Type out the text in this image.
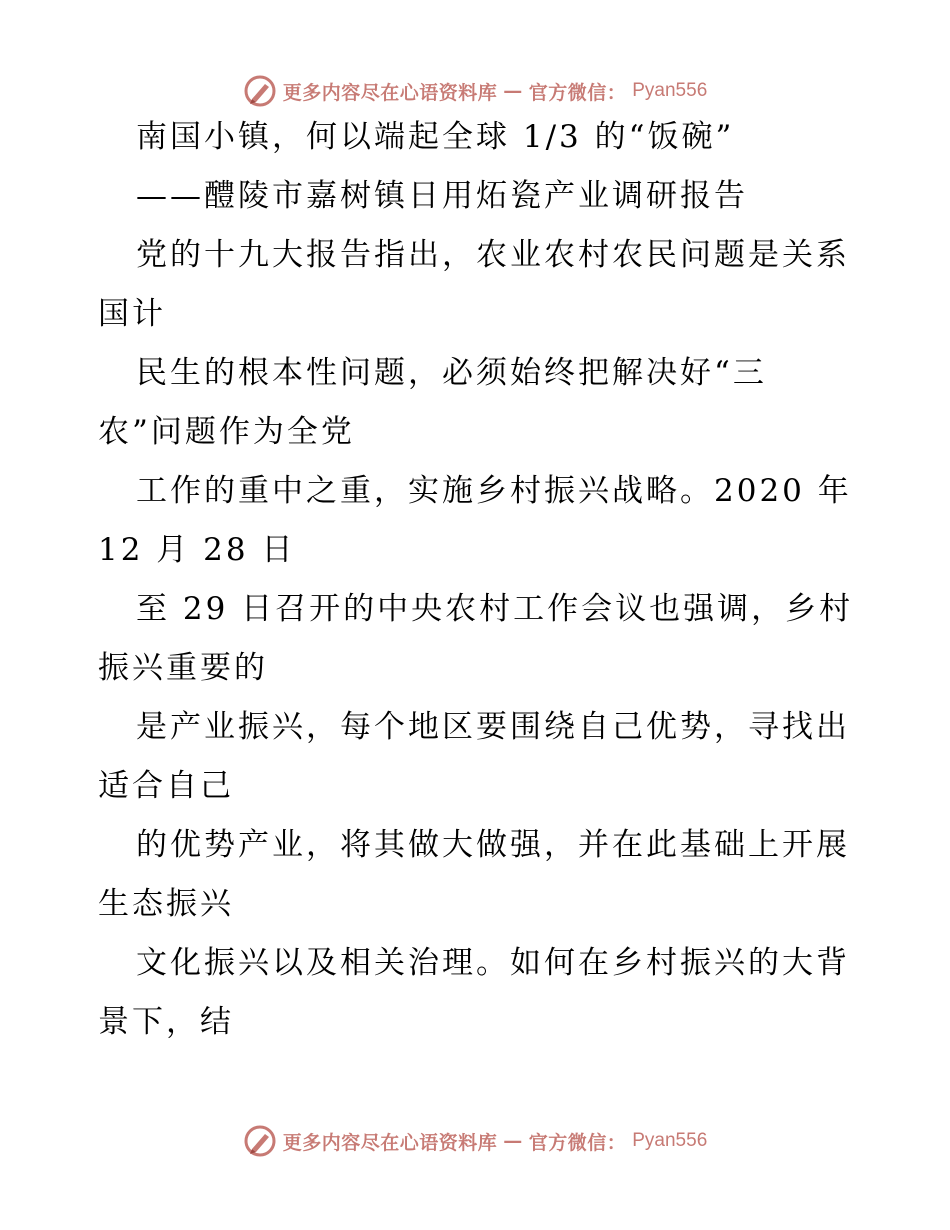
更多内容尽在心语资料库 — 官方微信： Pyan556
南国小镇，何以端起全球 1/3 的“饭碗”
——醴陵市嘉树镇日用炻瓷产业调研报告
党的十九大报告指出，农业农村农民问题是关系
国计
民生的根本性问题，必须始终把解决好“三
农”问题作为全党
工作的重中之重，实施乡村振兴战略。2020 年
12 月 28 日
至 29 日召开的中央农村工作会议也强调，乡村
振兴重要的
是产业振兴，每个地区要围绕自己优势，寻找出
适合自己
的优势产业，将其做大做强，并在此基础上开展
生态振兴
文化振兴以及相关治理。如何在乡村振兴的大背
景下，结
更多内容尽在心语资料库 — 官方微信： Pyan556
